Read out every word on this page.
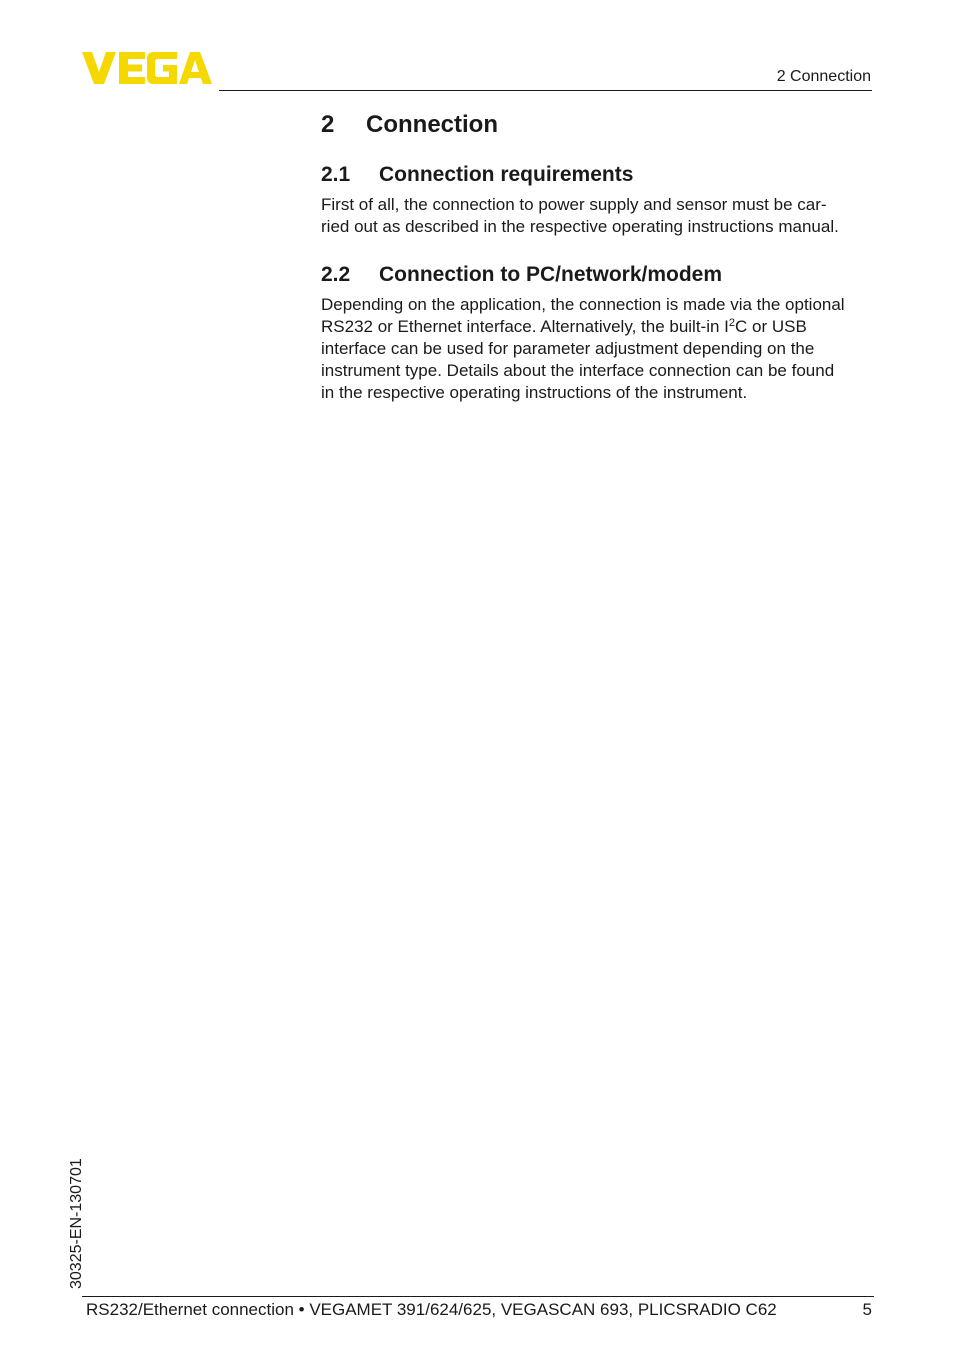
2 Connection
2	Connection
2.1	Connection requirements
First of all, the connection to power supply and sensor must be car-
ried out as described in the respective operating instructions manual.
2.2	Connection to PC/network/modem
Depending on the application, the connection is made via the optional
RS232 or Ethernet interface. Alternatively, the built-in $I^2C$ or USB
interface can be used for parameter adjustment depending on the
instrument type. Details about the interface connection can be found
in the respective operating instructions of the instrument.
30325-EN-130701
RS232/Ethernet connection • VEGAMET 391/624/625, VEGASCAN 693, PLICSRADIO C62	5
